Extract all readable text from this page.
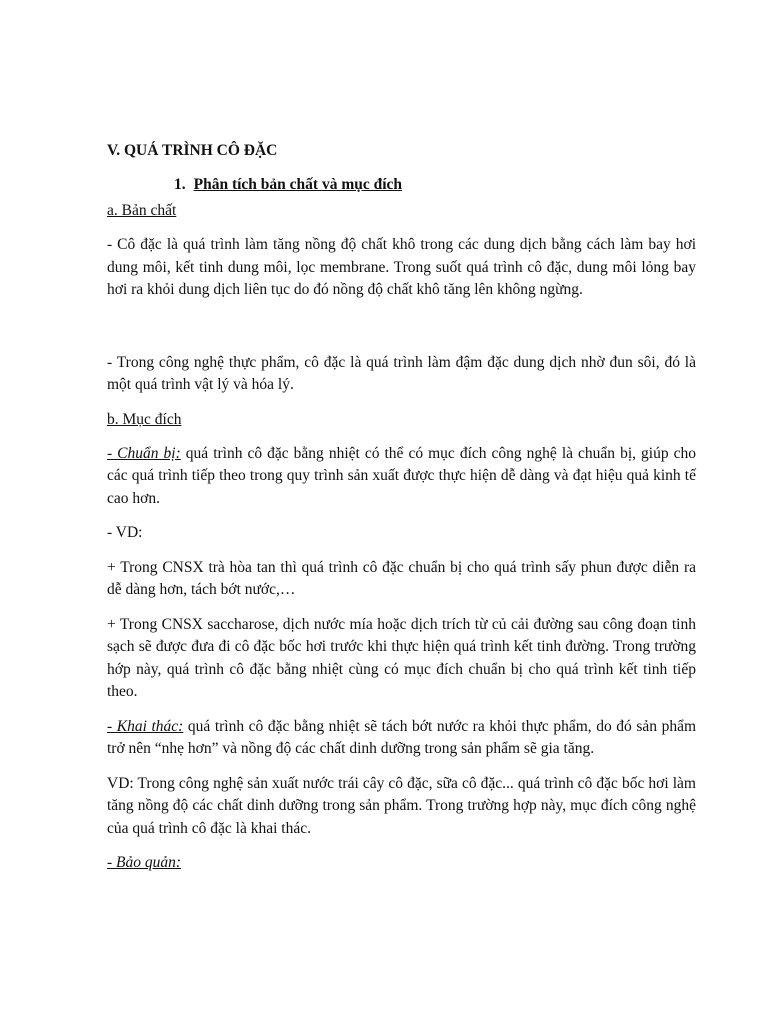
V. QUÁ TRÌNH CÔ ĐẶC

1. Phân tích bản chất và mục đích

a. Bản chất

- Cô đặc là quá trình làm tăng nồng độ chất khô trong các dung dịch bằng cách làm bay hơi dung môi, kết tinh dung môi, lọc membrane. Trong suốt quá trình cô đặc, dung môi lỏng bay hơi ra khỏi dung dịch liên tục do đó nồng độ chất khô tăng lên không ngừng.

- Trong công nghệ thực phẩm, cô đặc là quá trình làm đậm đặc dung dịch nhờ đun sôi, đó là một quá trình vật lý và hóa lý.

b. Mục đích

- Chuẩn bị: quá trình cô đặc bằng nhiệt có thể có mục đích công nghệ là chuẩn bị, giúp cho các quá trình tiếp theo trong quy trình sản xuất được thực hiện dễ dàng và đạt hiệu quả kinh tế cao hơn.

- VD:

+ Trong CNSX trà hòa tan thì quá trình cô đặc chuẩn bị cho quá trình sấy phun được diễn ra dễ dàng hơn, tách bớt nước,…

+ Trong CNSX saccharose, dịch nước mía hoặc dịch trích từ củ cải đường sau công đoạn tinh sạch sẽ được đưa đi cô đặc bốc hơi trước khi thực hiện quá trình kết tinh đường. Trong trường hớp này, quá trình cô đặc bằng nhiệt cùng có mục đích chuẩn bị cho quá trình kết tinh tiếp theo.

- Khai thác: quá trình cô đặc bằng nhiệt sẽ tách bớt nước ra khỏi thực phẩm, do đó sản phẩm trở nên “nhẹ hơn” và nồng độ các chất dinh dưỡng trong sản phẩm sẽ gia tăng.

VD: Trong công nghệ sản xuất nước trái cây cô đặc, sữa cô đặc... quá trình cô đặc bốc hơi làm tăng nồng độ các chất dinh dưỡng trong sản phẩm. Trong trường hợp này, mục đích công nghệ của quá trình cô đặc là khai thác.

- Bảo quản:
